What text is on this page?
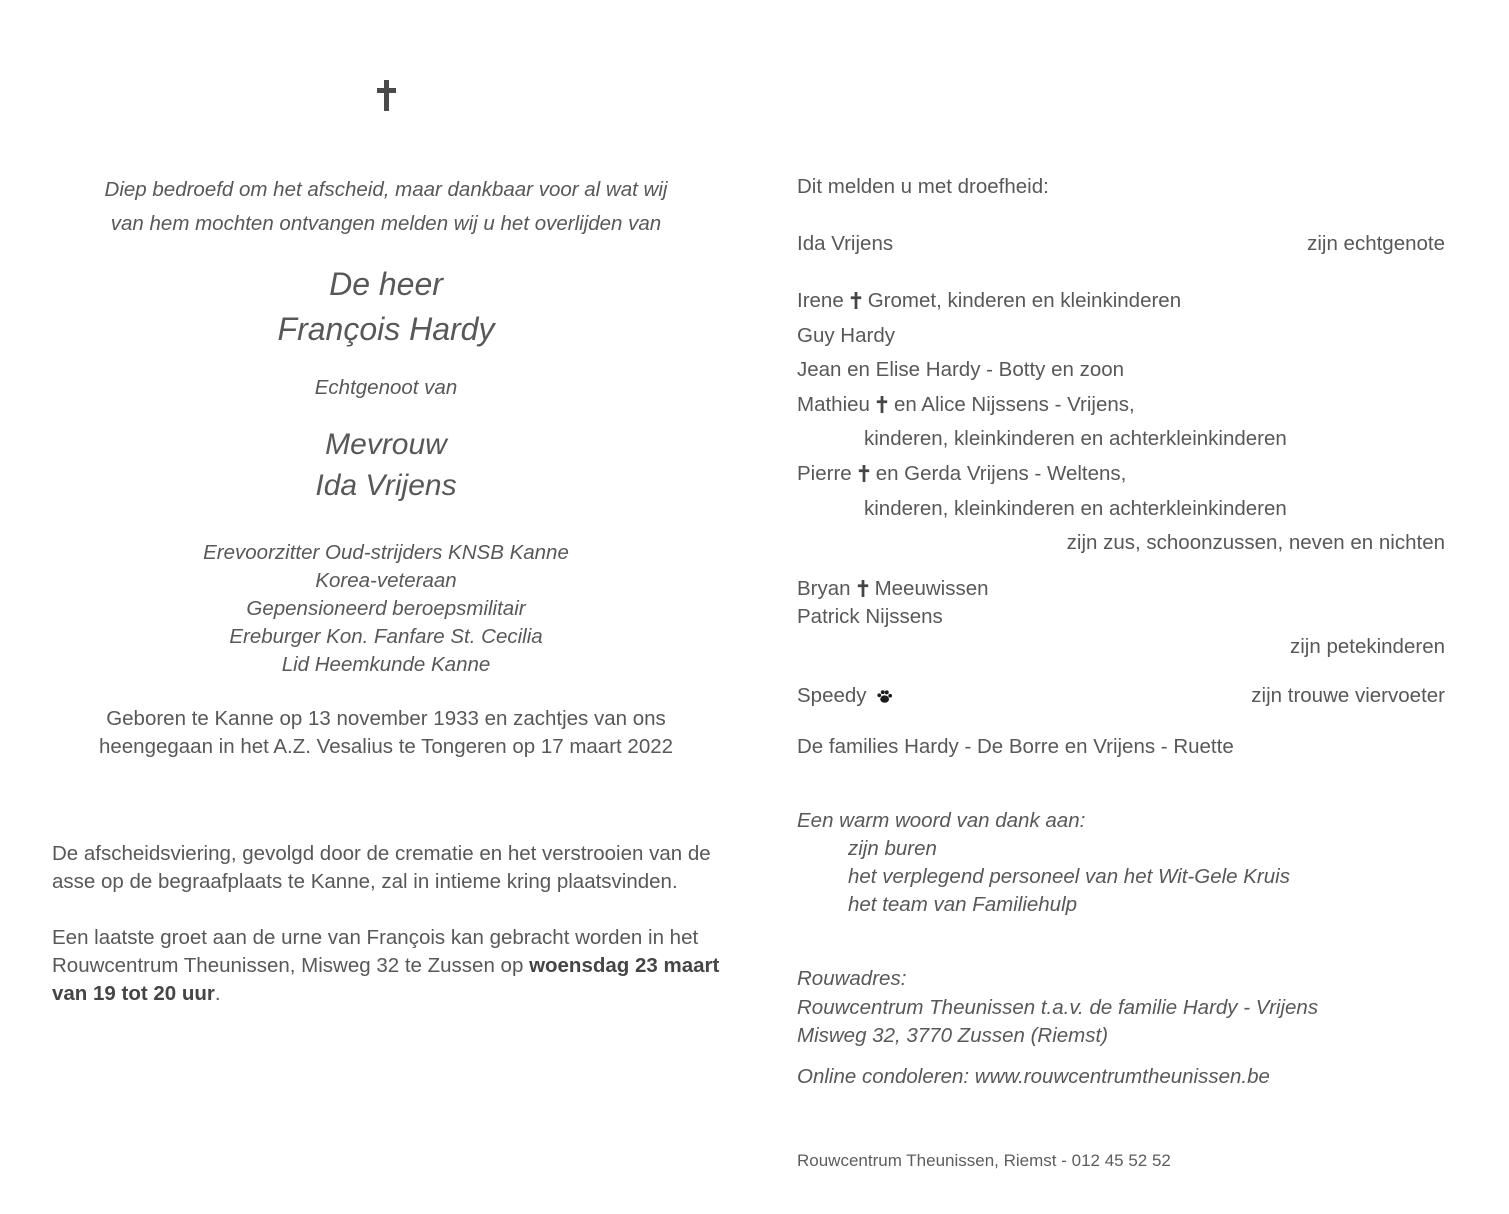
Diep bedroefd om het afscheid, maar dankbaar voor al wat wij
van hem mochten ontvangen melden wij u het overlijden van
De heer
François Hardy
Echtgenoot van
Mevrouw
Ida Vrijens
Erevoorzitter Oud-strijders KNSB Kanne
Korea-veteraan
Gepensioneerd beroepsmilitair
Ereburger Kon. Fanfare St. Cecilia
Lid Heemkunde Kanne
Geboren te Kanne op 13 november 1933 en zachtjes van ons
heengegaan in het A.Z. Vesalius te Tongeren op 17 maart 2022
De afscheidsviering, gevolgd door de crematie en het verstrooien van de
asse op de begraafplaats te Kanne, zal in intieme kring plaatsvinden.
Een laatste groet aan de urne van François kan gebracht worden in het Rouwcentrum Theunissen, Misweg 32 te Zussen op woensdag 23 maart van 19 tot 20 uur.
Dit melden u met droefheid:
Ida Vrijens	zijn echtgenote
Irene Gromet, kinderen en kleinkinderen
Guy Hardy
Jean en Elise Hardy - Botty en zoon
Mathieu en Alice Nijssens - Vrijens,
kinderen, kleinkinderen en achterkleinkinderen
Pierre en Gerda Vrijens - Weltens,
kinderen, kleinkinderen en achterkleinkinderen
zijn zus, schoonzussen, neven en nichten
Bryan Meeuwissen
Patrick Nijssens
zijn petekinderen
Speedy	zijn trouwe viervoeter
De families Hardy - De Borre en Vrijens - Ruette
Een warm woord van dank aan:
zijn buren
het verplegend personeel van het Wit-Gele Kruis
het team van Familiehulp
Rouwadres:
Rouwcentrum Theunissen t.a.v. de familie Hardy - Vrijens
Misweg 32, 3770 Zussen (Riemst)
Online condoleren: www.rouwcentrumtheunissen.be
Rouwcentrum Theunissen, Riemst - 012 45 52 52
